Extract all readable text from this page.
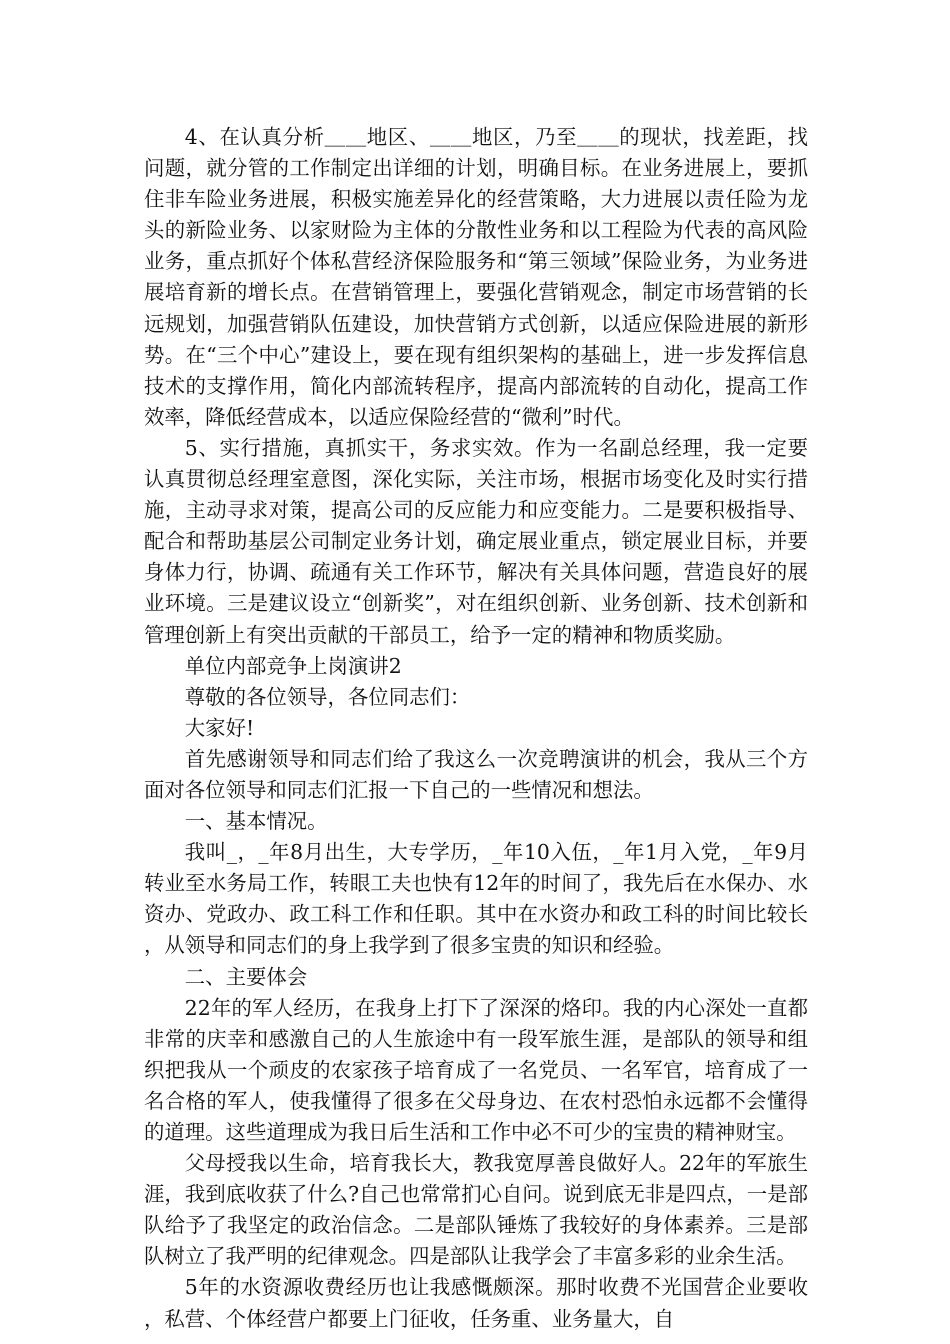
4、在认真分析＿＿地区、＿＿地区，乃至＿＿的现状，找差距，找问题，就分管的工作制定出详细的计划，明确目标。在业务进展上，要抓住非车险业务进展，积极实施差异化的经营策略，大力进展以责任险为龙头的新险业务、以家财险为主体的分散性业务和以工程险为代表的高风险业务，重点抓好个体私营经济保险服务和“第三领域”保险业务，为业务进展培育新的增长点。在营销管理上，要强化营销观念，制定市场营销的长远规划，加强营销队伍建设，加快营销方式创新，以适应保险进展的新形势。在“三个中心”建设上，要在现有组织架构的基础上，进一步发挥信息技术的支撑作用，简化内部流转程序，提高内部流转的自动化，提高工作效率，降低经营成本，以适应保险经营的“微利”时代。

5、实行措施，真抓实干，务求实效。作为一名副总经理，我一定要认真贯彻总经理室意图，深化实际，关注市场，根据市场变化及时实行措施，主动寻求对策，提高公司的反应能力和应变能力。二是要积极指导、配合和帮助基层公司制定业务计划，确定展业重点，锁定展业目标，并要身体力行，协调、疏通有关工作环节，解决有关具体问题，营造良好的展业环境。三是建议设立“创新奖”，对在组织创新、业务创新、技术创新和管理创新上有突出贡献的干部员工，给予一定的精神和物质奖励。

单位内部竞争上岗演讲2

尊敬的各位领导，各位同志们：

大家好!

首先感谢领导和同志们给了我这么一次竞聘演讲的机会，我从三个方面对各位领导和同志们汇报一下自己的一些情况和想法。

一、基本情况。

我叫_，_年8月出生，大专学历，_年10入伍，_年1月入党，_年9月转业至水务局工作，转眼工夫也快有12年的时间了，我先后在水保办、水资办、党政办、政工科工作和任职。其中在水资办和政工科的时间比较长，从领导和同志们的身上我学到了很多宝贵的知识和经验。

二、主要体会

22年的军人经历，在我身上打下了深深的烙印。我的内心深处一直都非常的庆幸和感激自己的人生旅途中有一段军旅生涯，是部队的领导和组织把我从一个顽皮的农家孩子培育成了一名党员、一名军官，培育成了一名合格的军人，使我懂得了很多在父母身边、在农村恐怕永远都不会懂得的道理。这些道理成为我日后生活和工作中必不可少的宝贵的精神财宝。

父母授我以生命，培育我长大，教我宽厚善良做好人。22年的军旅生涯，我到底收获了什么?自己也常常扪心自问。说到底无非是四点，一是部队给予了我坚定的政治信念。二是部队锤炼了我较好的身体素养。三是部队树立了我严明的纪律观念。四是部队让我学会了丰富多彩的业余生活。

5年的水资源收费经历也让我感慨颇深。那时收费不光国营企业要收，私营、个体经营户都要上门征收，任务重、业务量大，自
